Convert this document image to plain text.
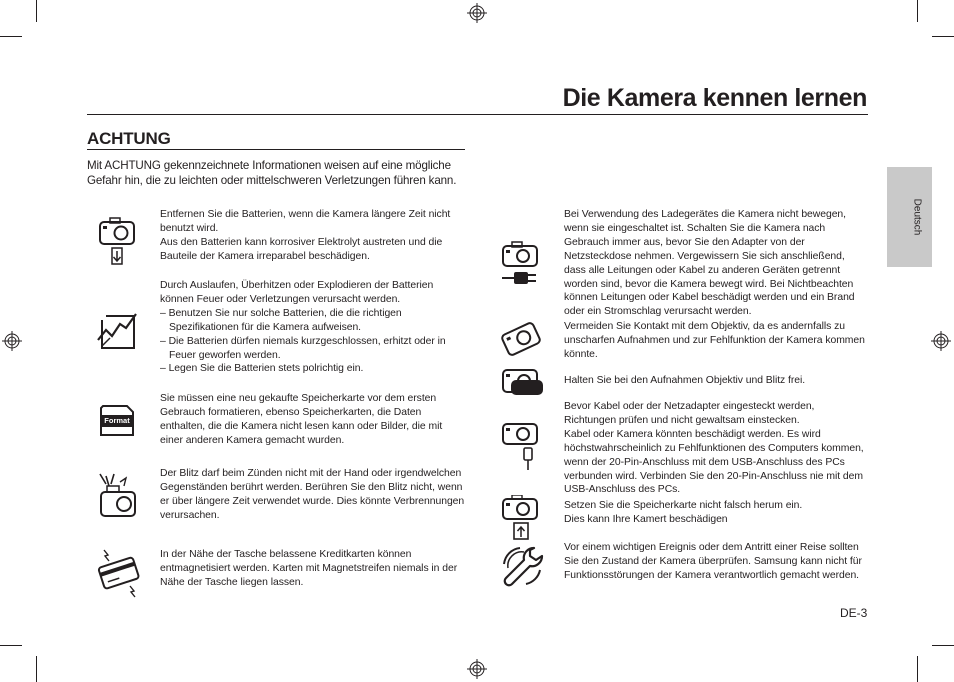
Die Kamera kennen lernen
ACHTUNG
Mit ACHTUNG gekennzeichnete Informationen weisen auf eine mögliche Gefahr hin, die zu leichten oder mittelschweren Verletzungen führen kann.
Deutsch

Entfernen Sie die Batterien, wenn die Kamera längere Zeit nicht benutzt wird.

Aus den Batterien kann korrosiver Elektrolyt austreten und die Bauteile der Kamera irreparabel beschädigen.

Durch Auslaufen, Überhitzen oder Explodieren der Batterien können Feuer oder Verletzungen verursacht werden.

– Benutzen Sie nur solche Batterien, die die richtigen Spezifikationen für die Kamera aufweisen.

– Die Batterien dürfen niemals kurzgeschlossen, erhitzt oder in Feuer geworfen werden.

– Legen Sie die Batterien stets polrichtig ein.

Format

Sie müssen eine neu gekaufte Speicherkarte vor dem ersten Gebrauch formatieren, ebenso Speicherkarten, die Daten enthalten, die die Kamera nicht lesen kann oder Bilder, die mit einer anderen Kamera gemacht wurden.

Der Blitz darf beim Zünden nicht mit der Hand oder irgendwelchen Gegenständen berührt werden. Berühren Sie den Blitz nicht, wenn er über längere Zeit verwendet wurde. Dies könnte Verbrennungen verursachen.

In der Nähe der Tasche belassene Kreditkarten können entmagnetisiert werden. Karten mit Magnetstreifen niemals in der Nähe der Tasche liegen lassen.

Bei Verwendung des Ladegerätes die Kamera nicht bewegen, wenn sie eingeschaltet ist. Schalten Sie die Kamera nach Gebrauch immer aus, bevor Sie den Adapter von der Netzsteckdose nehmen. Vergewissern Sie sich anschließend, dass alle Leitungen oder Kabel zu anderen Geräten getrennt worden sind, bevor die Kamera bewegt wird. Bei Nichtbeachten können Leitungen oder Kabel beschädigt werden und ein Brand oder ein Stromschlag verursacht werden.

Vermeiden Sie Kontakt mit dem Objektiv, da es andernfalls zu unscharfen Aufnahmen und zur Fehlfunktion der Kamera kommen könnte.

Halten Sie bei den Aufnahmen Objektiv und Blitz frei.

Bevor Kabel oder der Netzadapter eingesteckt werden, Richtungen prüfen und nicht gewaltsam einstecken.

Kabel oder Kamera könnten beschädigt werden. Es wird höchstwahrscheinlich zu Fehlfunktionen des Computers kommen, wenn der 20-Pin-Anschluss mit dem USB-Anschluss des PCs verbunden wird. Verbinden Sie den 20-Pin-Anschluss nie mit dem USB-Anschluss des PCs.

Setzen Sie die Speicherkarte nicht falsch herum ein.

Dies kann Ihre Kamert beschädigen

Vor einem wichtigen Ereignis oder dem Antritt einer Reise sollten Sie den Zustand der Kamera überprüfen. Samsung kann nicht für Funktionsstörungen der Kamera verantwortlich gemacht werden.

DE-3
